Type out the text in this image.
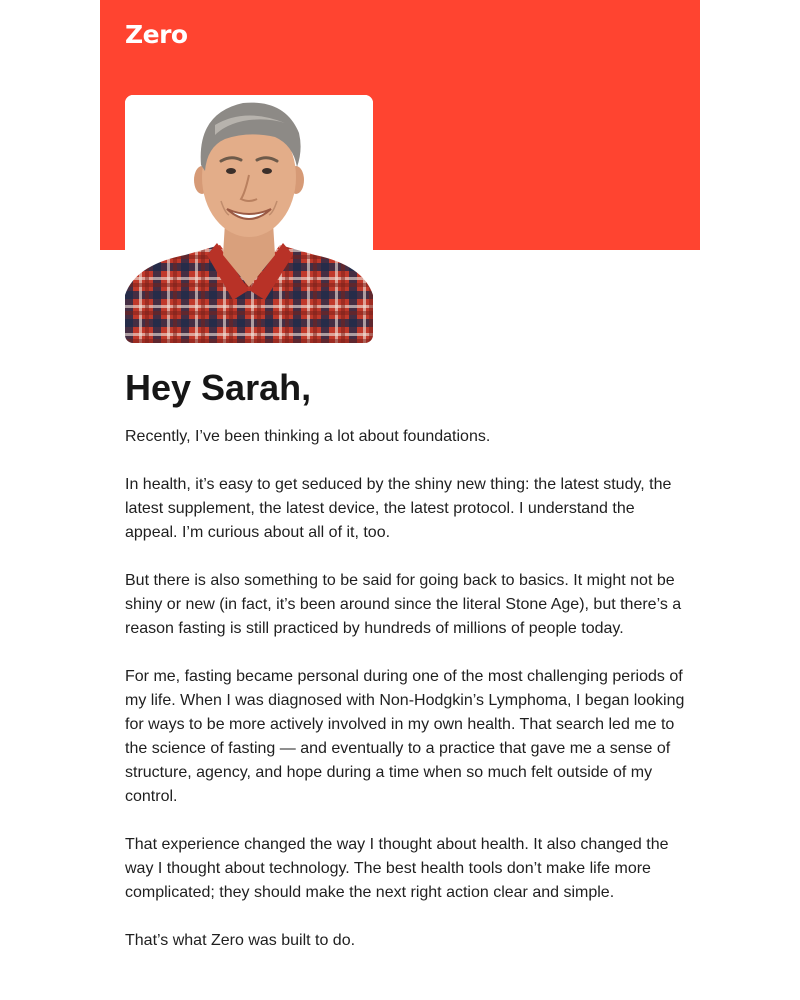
Zero
Hey Sarah,

Recently, I’ve been thinking a lot about foundations.

In health, it’s easy to get seduced by the shiny new thing: the latest study, the latest supplement, the latest device, the latest protocol. I understand the appeal. I’m curious about all of it, too.

But there is also something to be said for going back to basics. It might not be shiny or new (in fact, it’s been around since the literal Stone Age), but there’s a reason fasting is still practiced by hundreds of millions of people today.

For me, fasting became personal during one of the most challenging periods of my life. When I was diagnosed with Non-Hodgkin’s Lymphoma, I began looking for ways to be more actively involved in my own health. That search led me to the science of fasting — and eventually to a practice that gave me a sense of structure, agency, and hope during a time when so much felt outside of my control.

That experience changed the way I thought about health. It also changed the way I thought about technology. The best health tools don’t make life more complicated; they should make the next right action clear and simple.

That’s what Zero was built to do.
